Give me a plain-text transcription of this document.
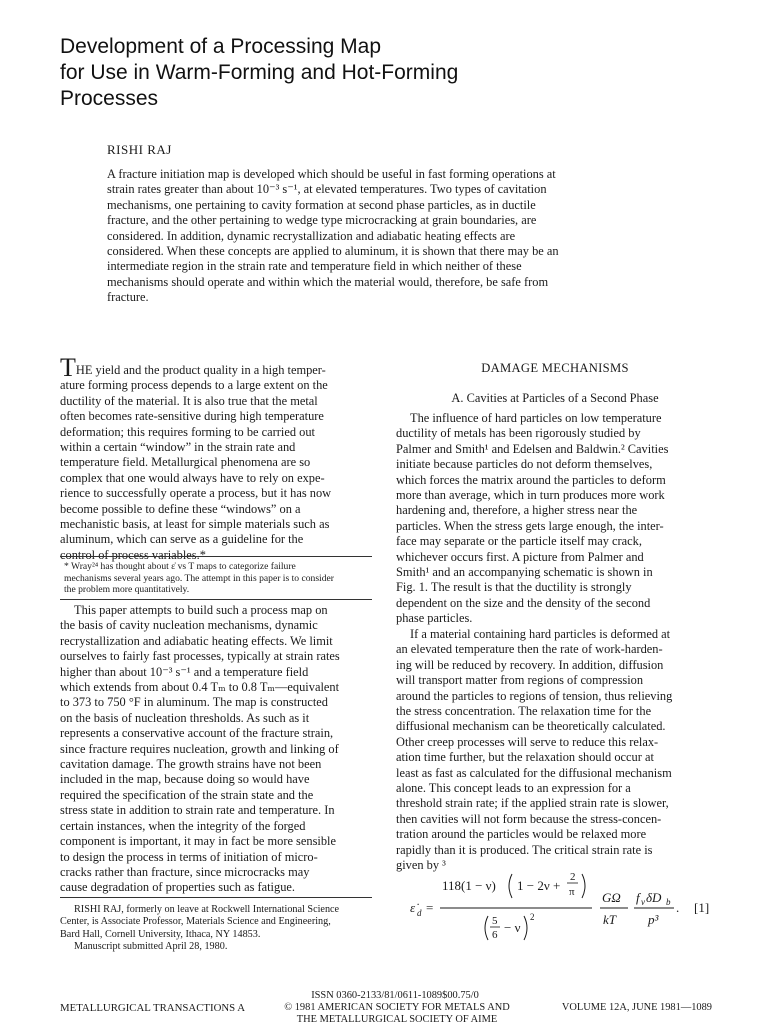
Development of a Processing Map
for Use in Warm-Forming and Hot-Forming
Processes
RISHI RAJ
A fracture initiation map is developed which should be useful in fast forming operations at
strain rates greater than about 10⁻³ s⁻¹, at elevated temperatures. Two types of cavitation
mechanisms, one pertaining to cavity formation at second phase particles, as in ductile
fracture, and the other pertaining to wedge type microcracking at grain boundaries, are
considered. In addition, dynamic recrystallization and adiabatic heating effects are
considered. When these concepts are applied to aluminum, it is shown that there may be an
intermediate region in the strain rate and temperature field in which neither of these
mechanisms should operate and within which the material would, therefore, be safe from
fracture.
THE yield and the product quality in a high temper-
ature forming process depends to a large extent on the
ductility of the material. It is also true that the metal
often becomes rate-sensitive during high temperature
deformation; this requires forming to be carried out
within a certain “window” in the strain rate and
temperature field. Metallurgical phenomena are so
complex that one would always have to rely on expe-
rience to successfully operate a process, but it has now
become possible to define these “windows” on a
mechanistic basis, at least for simple materials such as
aluminum, which can serve as a guideline for the
control of process variables.*
* Wray²⁴ has thought about ε̇ vs T maps to categorize failure
mechanisms several years ago. The attempt in this paper is to consider
the problem more quantitatively.
This paper attempts to build such a process map on
the basis of cavity nucleation mechanisms, dynamic
recrystallization and adiabatic heating effects. We limit
ourselves to fairly fast processes, typically at strain rates
higher than about 10⁻³ s⁻¹ and a temperature field
which extends from about 0.4 Tₘ to 0.8 Tₘ—equivalent
to 373 to 750 °F in aluminum. The map is constructed
on the basis of nucleation thresholds. As such as it
represents a conservative account of the fracture strain,
since fracture requires nucleation, growth and linking of
cavitation damage. The growth strains have not been
included in the map, because doing so would have
required the specification of the strain state and the
stress state in addition to strain rate and temperature. In
certain instances, when the integrity of the forged
component is important, it may in fact be more sensible
to design the process in terms of initiation of micro-
cracks rather than fracture, since microcracks may
cause degradation of properties such as fatigue.
RISHI RAJ, formerly on leave at Rockwell International Science
Center, is Associate Professor, Materials Science and Engineering,
Bard Hall, Cornell University, Ithaca, NY 14853.
Manuscript submitted April 28, 1980.
DAMAGE MECHANISMS
A. Cavities at Particles of a Second Phase
The influence of hard particles on low temperature
ductility of metals has been rigorously studied by
Palmer and Smith¹ and Edelsen and Baldwin.² Cavities
initiate because particles do not deform themselves,
which forces the matrix around the particles to deform
more than average, which in turn produces more work
hardening and, therefore, a higher stress near the
particles. When the stress gets large enough, the inter-
face may separate or the particle itself may crack,
whichever occurs first. A picture from Palmer and
Smith¹ and an accompanying schematic is shown in
Fig. 1. The result is that the ductility is strongly
dependent on the size and the density of the second
phase particles.
If a material containing hard particles is deformed at
an elevated temperature then the rate of work-harden-
ing will be reduced by recovery. In addition, diffusion
will transport matter from regions of compression
around the particles to regions of tension, thus relieving
the stress concentration. The relaxation time for the
diffusional mechanism can be theoretically calculated.
Other creep processes will serve to reduce this relax-
ation time further, but the relaxation should occur at
least as fast as calculated for the diffusional mechanism
alone. This concept leads to an expression for a
threshold strain rate; if the applied strain rate is slower,
then cavities will not form because the stress-concen-
tration around the particles would be relaxed more
rapidly than it is produced. The critical strain rate is
given by ³
ε̇ d =
118(1 − ν) 1 − 2ν +
2
π
5
6 − ν
2
GΩ
kT
f v δD b
p³
. [1]
ISSN 0360-2133/81/0611-1089$00.75/0
METALLURGICAL TRANSACTIONS A	© 1981 AMERICAN SOCIETY FOR METALS AND
THE METALLURGICAL SOCIETY OF AIME
VOLUME 12A, JUNE 1981—1089
